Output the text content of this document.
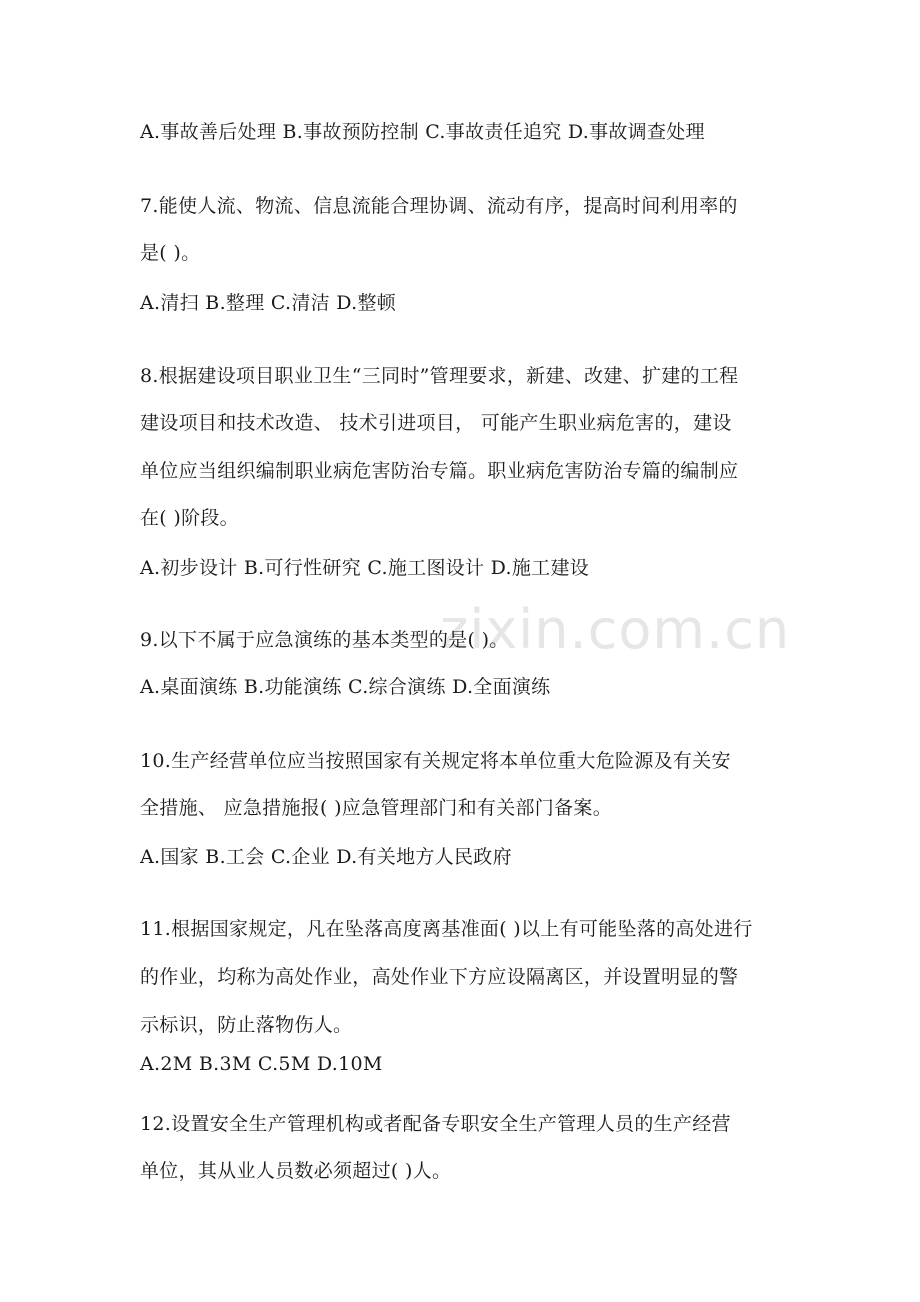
zixin.com.cn
A.事故善后处理 B.事故预防控制 C.事故责任追究 D.事故调查处理
7.能使人流、物流、信息流能合理协调、流动有序，提高时间利用率的
是( )。
A.清扫 B.整理 C.清洁 D.整顿
8.根据建设项目职业卫生“三同时”管理要求，新建、改建、扩建的工程
建设项目和技术改造、 技术引进项目， 可能产生职业病危害的，建设
单位应当组织编制职业病危害防治专篇。职业病危害防治专篇的编制应
在( )阶段。
A.初步设计 B.可行性研究 C.施工图设计 D.施工建设
9.以下不属于应急演练的基本类型的是( )。
A.桌面演练 B.功能演练 C.综合演练 D.全面演练
10.生产经营单位应当按照国家有关规定将本单位重大危险源及有关安
全措施、 应急措施报( )应急管理部门和有关部门备案。
A.国家 B.工会 C.企业 D.有关地方人民政府
11.根据国家规定，凡在坠落高度离基准面( )以上有可能坠落的高处进行
的作业，均称为高处作业，高处作业下方应设隔离区，并设置明显的警
示标识，防止落物伤人。
A.2M B.3M C.5M D.10M
12.设置安全生产管理机构或者配备专职安全生产管理人员的生产经营
单位，其从业人员数必须超过( )人。
